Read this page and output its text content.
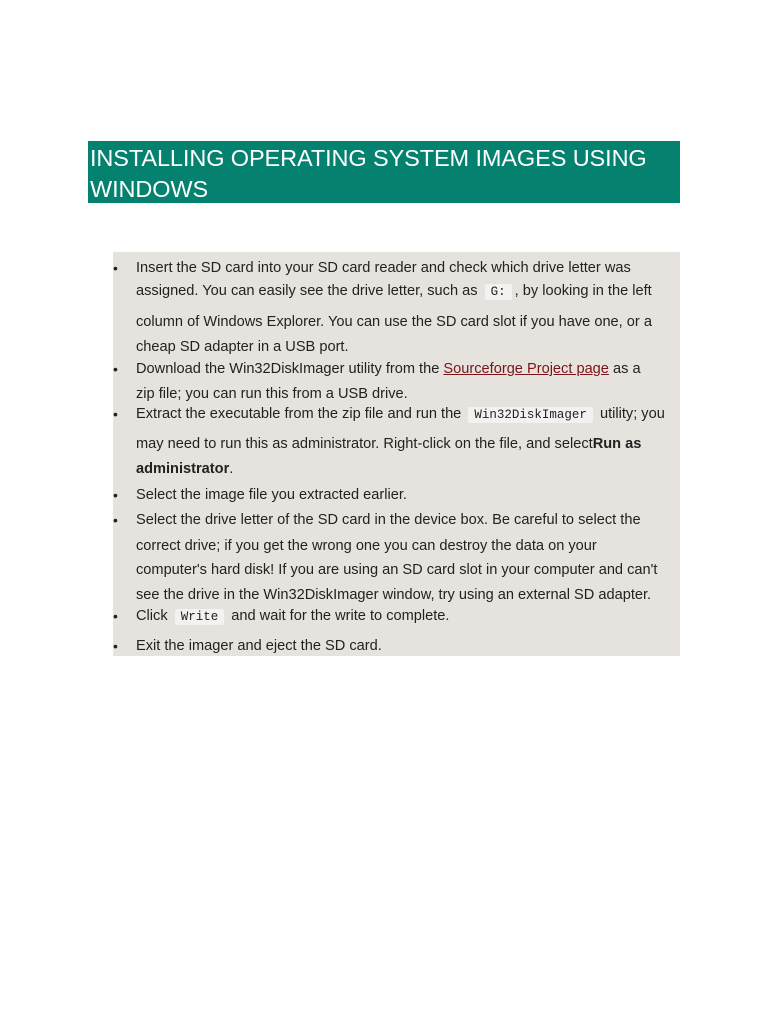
INSTALLING OPERATING SYSTEM IMAGES USING
WINDOWS
•	Insert the SD card into your SD card reader and check which drive letter was
assigned. You can easily see the drive letter, such as G: , by looking in the left
column of Windows Explorer. You can use the SD card slot if you have one, or a
cheap SD adapter in a USB port.
•	Download the Win32DiskImager utility from the Sourceforge Project page as a
zip file; you can run this from a USB drive.
•	Extract the executable from the zip file and run the Win32DiskImager utility; you
may need to run this as administrator. Right-click on the file, and selectRun as
administrator.
•	Select the image file you extracted earlier.
•	Select the drive letter of the SD card in the device box. Be careful to select the
correct drive; if you get the wrong one you can destroy the data on your
computer's hard disk! If you are using an SD card slot in your computer and can't
see the drive in the Win32DiskImager window, try using an external SD adapter.
•	Click Write and wait for the write to complete.
•	Exit the imager and eject the SD card.
